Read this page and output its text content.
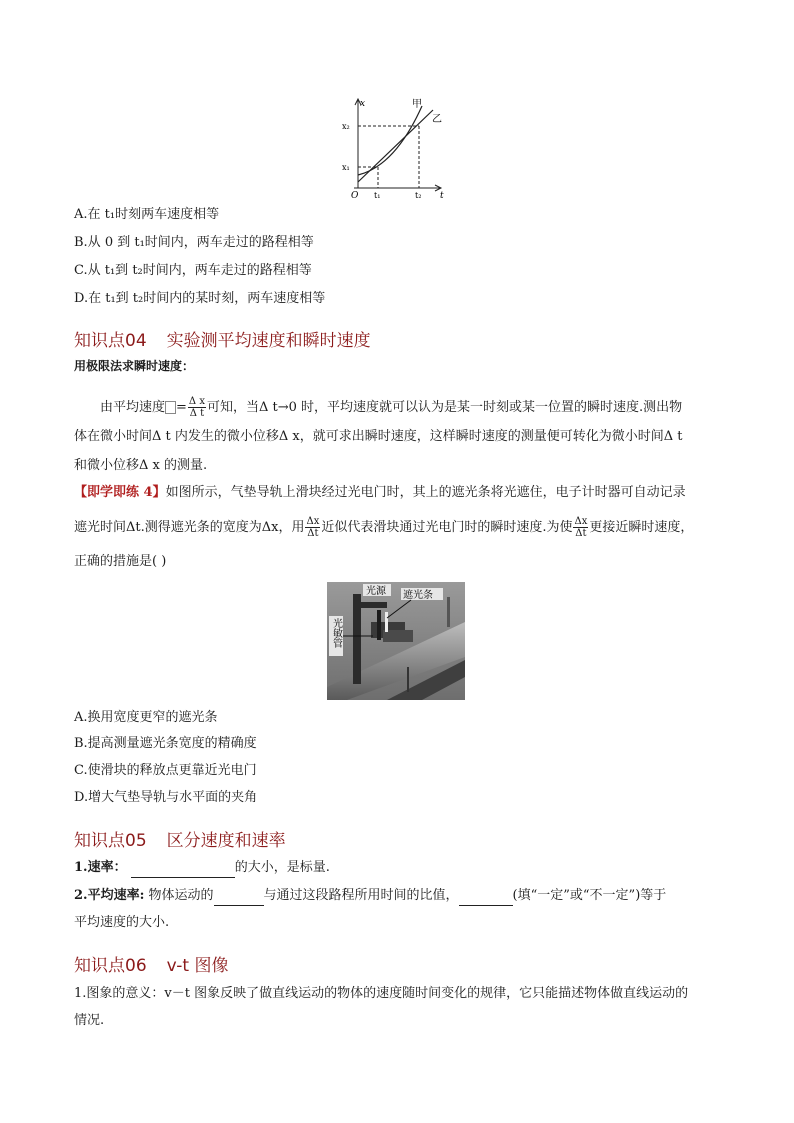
x
t
O
x₂
x₁
t₁	t₂
甲
乙
A.在 t₁时刻两车速度相等
B.从 0 到 t₁时间内，两车走过的路程相等
C.从 t₁到 t₂时间内，两车走过的路程相等
D.在 t₁到 t₂时间内的某时刻，两车速度相等
知识点04 实验测平均速度和瞬时速度
用极限法求瞬时速度：
由平均速度 = $\frac{\text{Δ x}}{\text{Δ t}}$ 可知，当Δ t→0 时，平均速度就可以认为是某一时刻或某一位置的瞬时速度.测出物
体在微小时间Δ t 内发生的微小位移Δ x，就可求出瞬时速度，这样瞬时速度的测量便可转化为微小时间Δ t
和微小位移Δ x 的测量.
【即学即练 4】如图所示，气垫导轨上滑块经过光电门时，其上的遮光条将光遮住，电子计时器可自动记录
遮光时间Δt.测得遮光条的宽度为Δx，用 $\frac{\Delta x}{\Delta t}$ 近似代表滑块通过光电门时的瞬时速度.为使 $\frac{\Delta x}{\Delta t}$ 更接近瞬时速度，
正确的措施是( )
光源 遮光条
光敏管
A.换用宽度更窄的遮光条
B.提高测量遮光条宽度的精确度
C.使滑块的释放点更靠近光电门
D.增大气垫导轨与水平面的夹角
知识点05 区分速度和速率
1.速率：	的大小，是标量.
2.平均速率: 物体运动的	与通过这段路程所用时间的比值，	(填“一定”或“不一定”)等于
平均速度的大小.
知识点06 v-t 图像
1.图象的意义：v－t 图象反映了做直线运动的物体的速度随时间变化的规律，它只能描述物体做直线运动的
情况.
